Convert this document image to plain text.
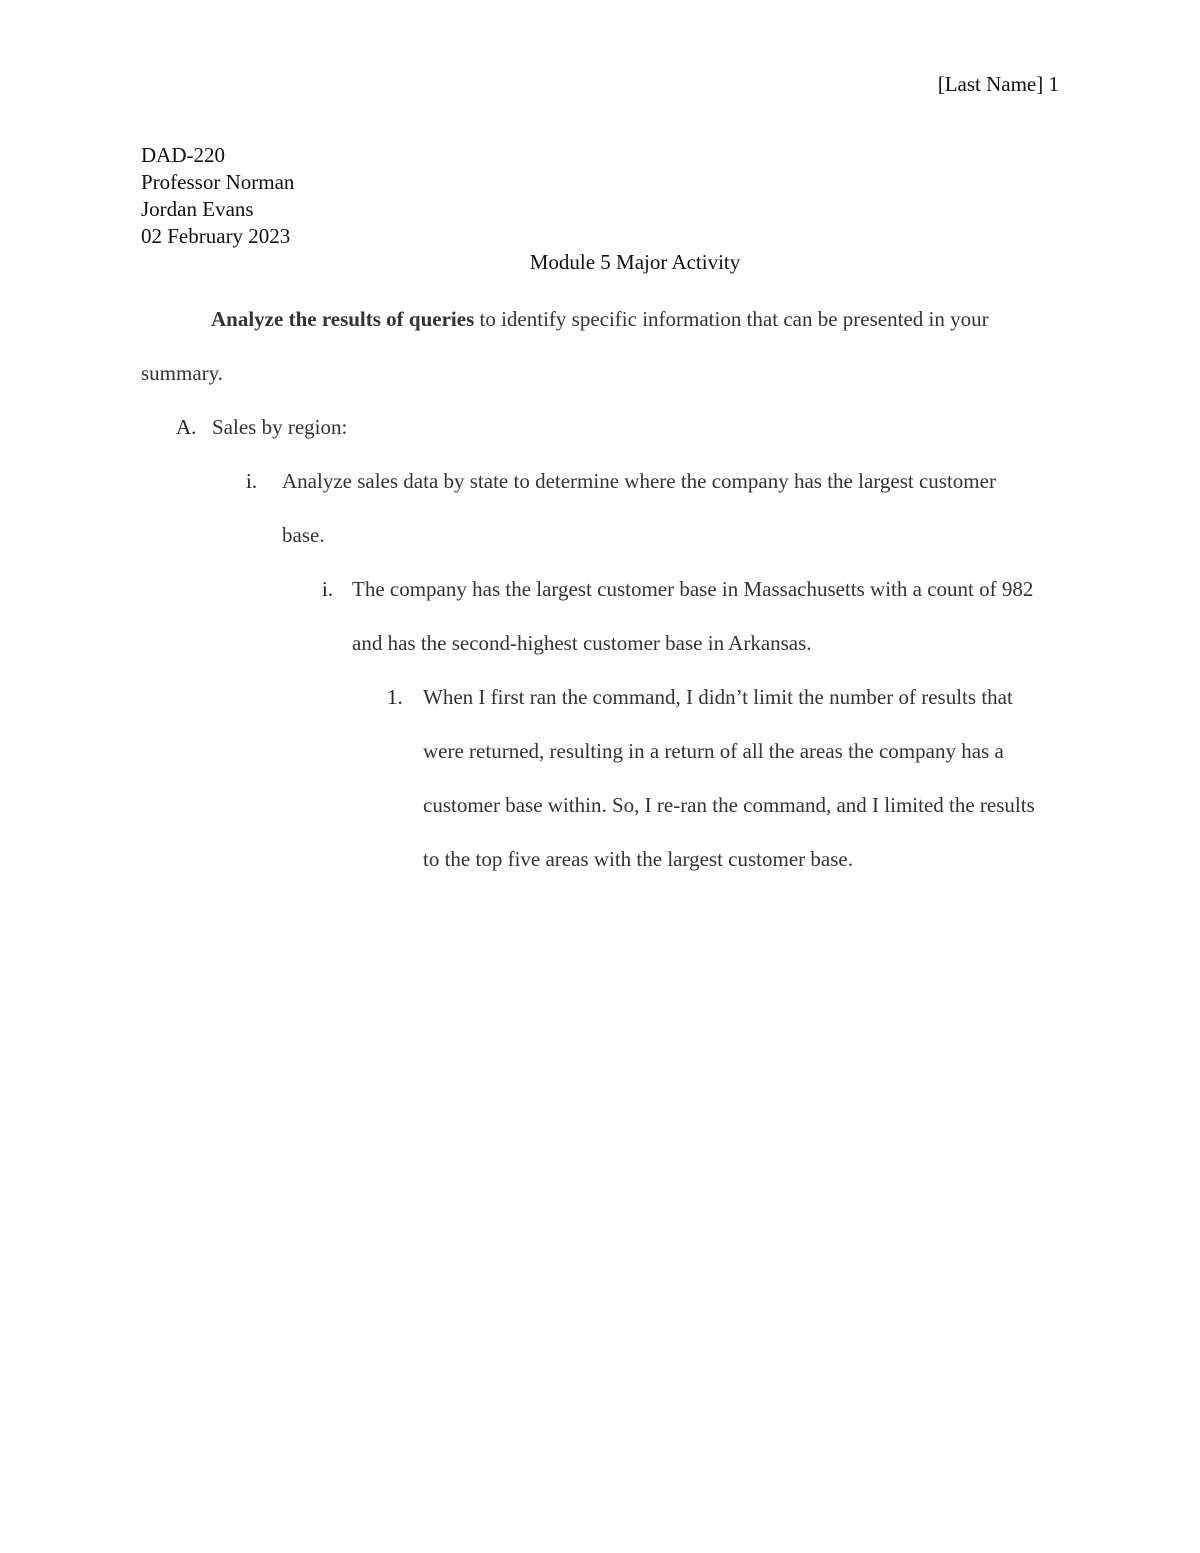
[Last Name] 1
DAD-220
Professor Norman
Jordan Evans
02 February 2023
Module 5 Major Activity
Analyze the results of queries to identify specific information that can be presented in your summary.
A. Sales by region:
i. Analyze sales data by state to determine where the company has the largest customer base.
i. The company has the largest customer base in Massachusetts with a count of 982 and has the second-highest customer base in Arkansas.
1. When I first ran the command, I didn’t limit the number of results that were returned, resulting in a return of all the areas the company has a customer base within. So, I re-ran the command, and I limited the results to the top five areas with the largest customer base.
